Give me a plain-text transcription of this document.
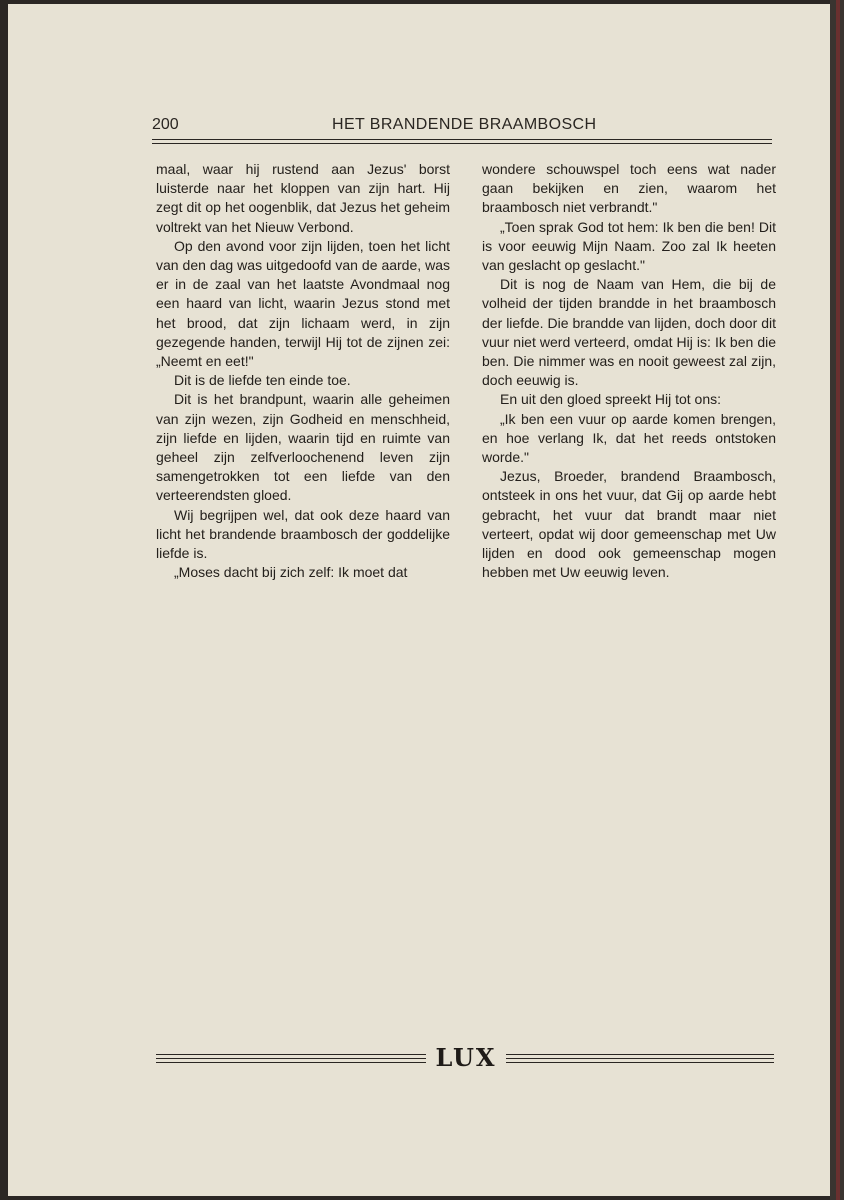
200	HET BRANDENDE BRAAMBOSCH

maal, waar hij rustend aan Jezus' borst luisterde naar het kloppen van zijn hart. Hij zegt dit op het oogenblik, dat Jezus het geheim voltrekt van het Nieuw Verbond.

Op den avond voor zijn lijden, toen het licht van den dag was uitgedoofd van de aarde, was er in de zaal van het laatste Avondmaal nog een haard van licht, waarin Jezus stond met het brood, dat zijn lichaam werd, in zijn gezegende handen, terwijl Hij tot de zijnen zei: „Neemt en eet!"

Dit is de liefde ten einde toe.

Dit is het brandpunt, waarin alle geheimen van zijn wezen, zijn Godheid en menschheid, zijn liefde en lijden, waarin tijd en ruimte van geheel zijn zelfverloochenend leven zijn samengetrokken tot een liefde van den verteerendsten gloed.

Wij begrijpen wel, dat ook deze haard van licht het brandende braambosch der goddelijke liefde is.

„Moses dacht bij zich zelf: Ik moet dat

wondere schouwspel toch eens wat nader gaan bekijken en zien, waarom het braambosch niet verbrandt."

„Toen sprak God tot hem: Ik ben die ben! Dit is voor eeuwig Mijn Naam. Zoo zal Ik heeten van geslacht op geslacht."

Dit is nog de Naam van Hem, die bij de volheid der tijden brandde in het braambosch der liefde. Die brandde van lijden, doch door dit vuur niet werd verteerd, omdat Hij is: Ik ben die ben. Die nimmer was en nooit geweest zal zijn, doch eeuwig is.

En uit den gloed spreekt Hij tot ons:

„Ik ben een vuur op aarde komen brengen, en hoe verlang Ik, dat het reeds ontstoken worde."

Jezus, Broeder, brandend Braambosch, ontsteek in ons het vuur, dat Gij op aarde hebt gebracht, het vuur dat brandt maar niet verteert, opdat wij door gemeenschap met Uw lijden en dood ook gemeenschap mogen hebben met Uw eeuwig leven.

LUX
